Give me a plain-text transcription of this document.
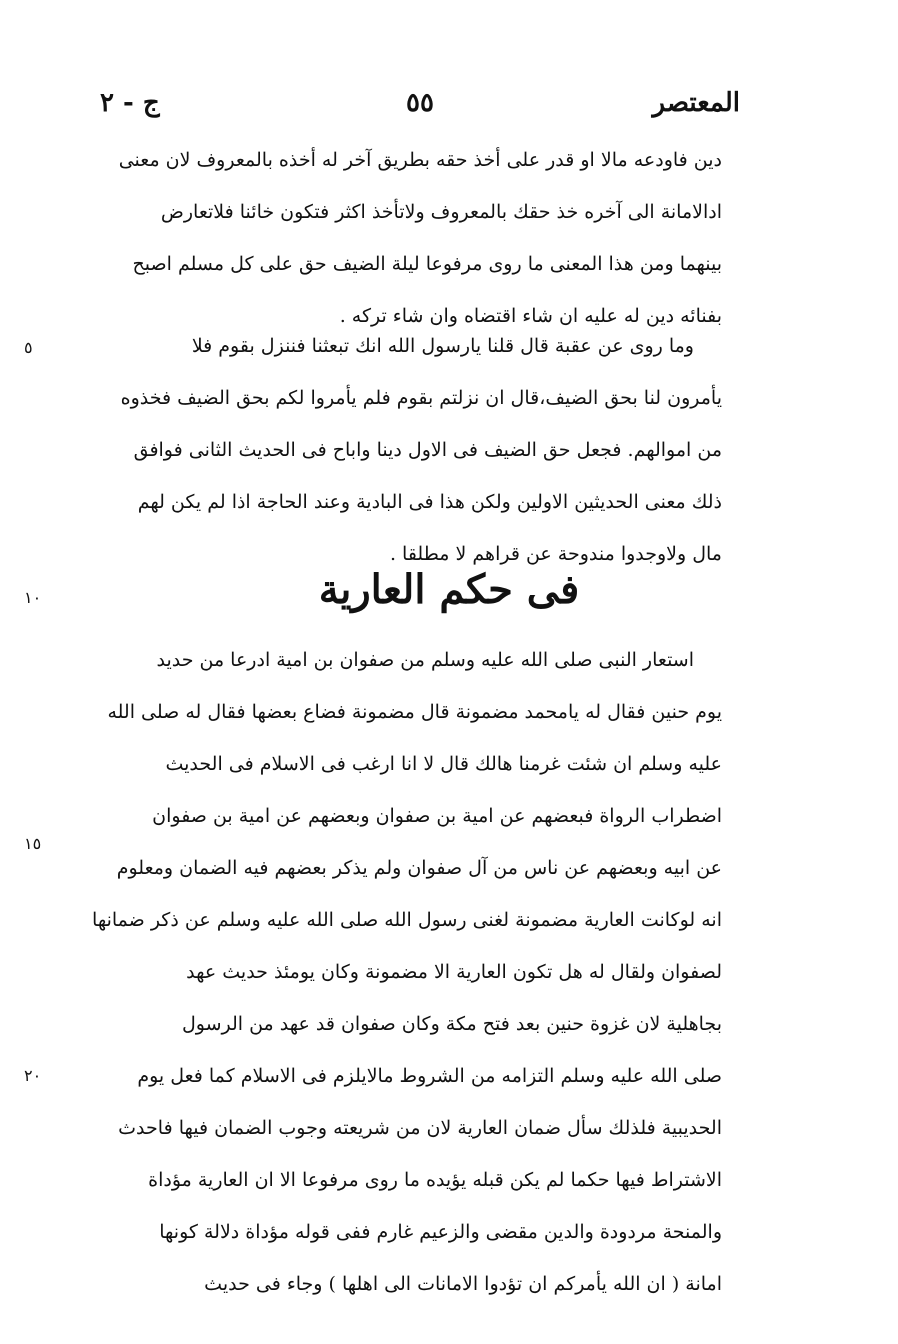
المعتصر
٥٥
ج - ٢
دين فاودعه مالا او قدر على أخذ حقه بطريق آخر له أخذه بالمعروف لان معنى
ادالامانة الى آخره خذ حقك بالمعروف ولاتأخذ اكثر فتكون خائنا فلاتعارض
بينهما ومن هذا المعنى ما روى مرفوعا ليلة الضيف حق على كل مسلم اصبح
بفنائه دين له عليه ان شاء اقتضاه وان شاء تركه .
وما روى عن عقبة قال قلنا يارسول الله انك تبعثنا فننزل بقوم فلا
يأمرون لنا بحق الضيف،قال ان نزلتم بقوم فلم يأمروا لكم بحق الضيف فخذوه
من اموالهم. فجعل حق الضيف فى الاول دينا واباح فى الحديث الثانى فوافق
ذلك معنى الحديثين الاولين ولكن هذا فى البادية وعند الحاجة اذا لم يكن لهم
مال ولاوجدوا مندوحة عن قراهم لا مطلقا .
فى حكم العارية
استعار النبى صلى الله عليه وسلم من صفوان بن امية ادرعا من حديد
يوم حنين فقال له يامحمد مضمونة قال مضمونة فضاع بعضها فقال له صلى الله
عليه وسلم ان شئت غرمنا هالك قال لا انا ارغب فى الاسلام فى الحديث
اضطراب الرواة فبعضهم عن امية بن صفوان وبعضهم عن امية بن صفوان
عن ابيه وبعضهم عن ناس من آل صفوان ولم يذكر بعضهم فيه الضمان ومعلوم
انه لوكانت العارية مضمونة لغنى رسول الله صلى الله عليه وسلم عن ذكر ضمانها
لصفوان ولقال له هل تكون العارية الا مضمونة وكان يومئذ حديث عهد
بجاهلية لان غزوة حنين بعد فتح مكة وكان صفوان قد عهد من الرسول
صلى الله عليه وسلم التزامه من الشروط مالايلزم فى الاسلام كما فعل يوم
الحديبية فلذلك سأل ضمان العارية لان من شريعته وجوب الضمان فيها فاحدث
الاشتراط فيها حكما لم يكن قبله يؤيده ما روى مرفوعا الا ان العارية مؤداة
والمنحة مردودة والدين مقضى والزعيم غارم ففى قوله مؤداة دلالة كونها
امانة ( ان الله يأمركم ان تؤدوا الامانات الى اهلها ) وجاء فى حديث
٥
١٠
١٥
٢٠
